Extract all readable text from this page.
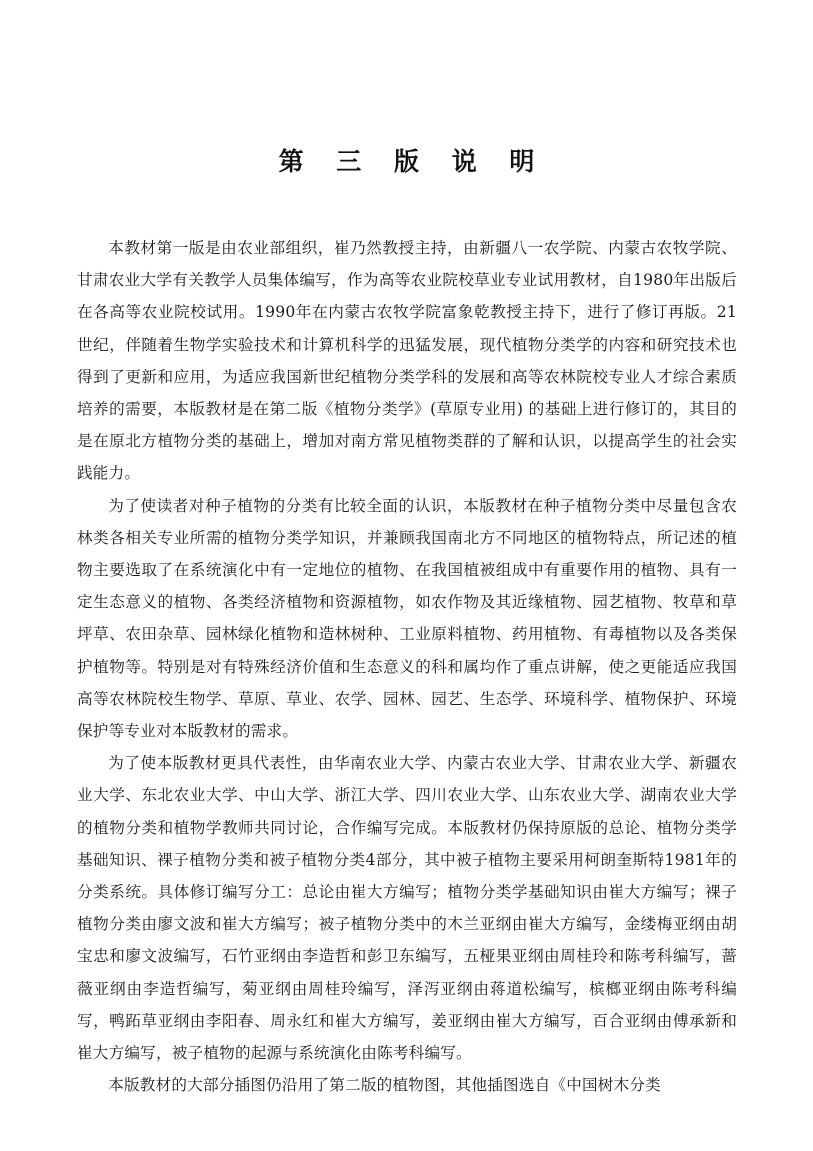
第 三 版 说 明

本教材第一版是由农业部组织，崔乃然教授主持，由新疆八一农学院、内蒙古农牧学院、甘肃农业大学有关教学人员集体编写，作为高等农业院校草业专业试用教材，自1980年出版后在各高等农业院校试用。1990年在内蒙古农牧学院富象乾教授主持下，进行了修订再版。21世纪，伴随着生物学实验技术和计算机科学的迅猛发展，现代植物分类学的内容和研究技术也得到了更新和应用，为适应我国新世纪植物分类学科的发展和高等农林院校专业人才综合素质培养的需要，本版教材是在第二版《植物分类学》(草原专业用) 的基础上进行修订的，其目的是在原北方植物分类的基础上，增加对南方常见植物类群的了解和认识，以提高学生的社会实践能力。

为了使读者对种子植物的分类有比较全面的认识，本版教材在种子植物分类中尽量包含农林类各相关专业所需的植物分类学知识，并兼顾我国南北方不同地区的植物特点，所记述的植物主要选取了在系统演化中有一定地位的植物、在我国植被组成中有重要作用的植物、具有一定生态意义的植物、各类经济植物和资源植物，如农作物及其近缘植物、园艺植物、牧草和草坪草、农田杂草、园林绿化植物和造林树种、工业原料植物、药用植物、有毒植物以及各类保护植物等。特别是对有特殊经济价值和生态意义的科和属均作了重点讲解，使之更能适应我国高等农林院校生物学、草原、草业、农学、园林、园艺、生态学、环境科学、植物保护、环境保护等专业对本版教材的需求。

为了使本版教材更具代表性，由华南农业大学、内蒙古农业大学、甘肃农业大学、新疆农业大学、东北农业大学、中山大学、浙江大学、四川农业大学、山东农业大学、湖南农业大学的植物分类和植物学教师共同讨论，合作编写完成。本版教材仍保持原版的总论、植物分类学基础知识、裸子植物分类和被子植物分类4部分，其中被子植物主要采用柯朗奎斯特1981年的分类系统。具体修订编写分工：总论由崔大方编写；植物分类学基础知识由崔大方编写；裸子植物分类由廖文波和崔大方编写；被子植物分类中的木兰亚纲由崔大方编写，金缕梅亚纲由胡宝忠和廖文波编写，石竹亚纲由李造哲和彭卫东编写，五桠果亚纲由周桂玲和陈考科编写，蔷薇亚纲由李造哲编写，菊亚纲由周桂玲编写，泽泻亚纲由蒋道松编写，槟榔亚纲由陈考科编写，鸭跖草亚纲由李阳春、周永红和崔大方编写，姜亚纲由崔大方编写，百合亚纲由傅承新和崔大方编写，被子植物的起源与系统演化由陈考科编写。

本版教材的大部分插图仍沿用了第二版的植物图，其他插图选自《中国树木分类
